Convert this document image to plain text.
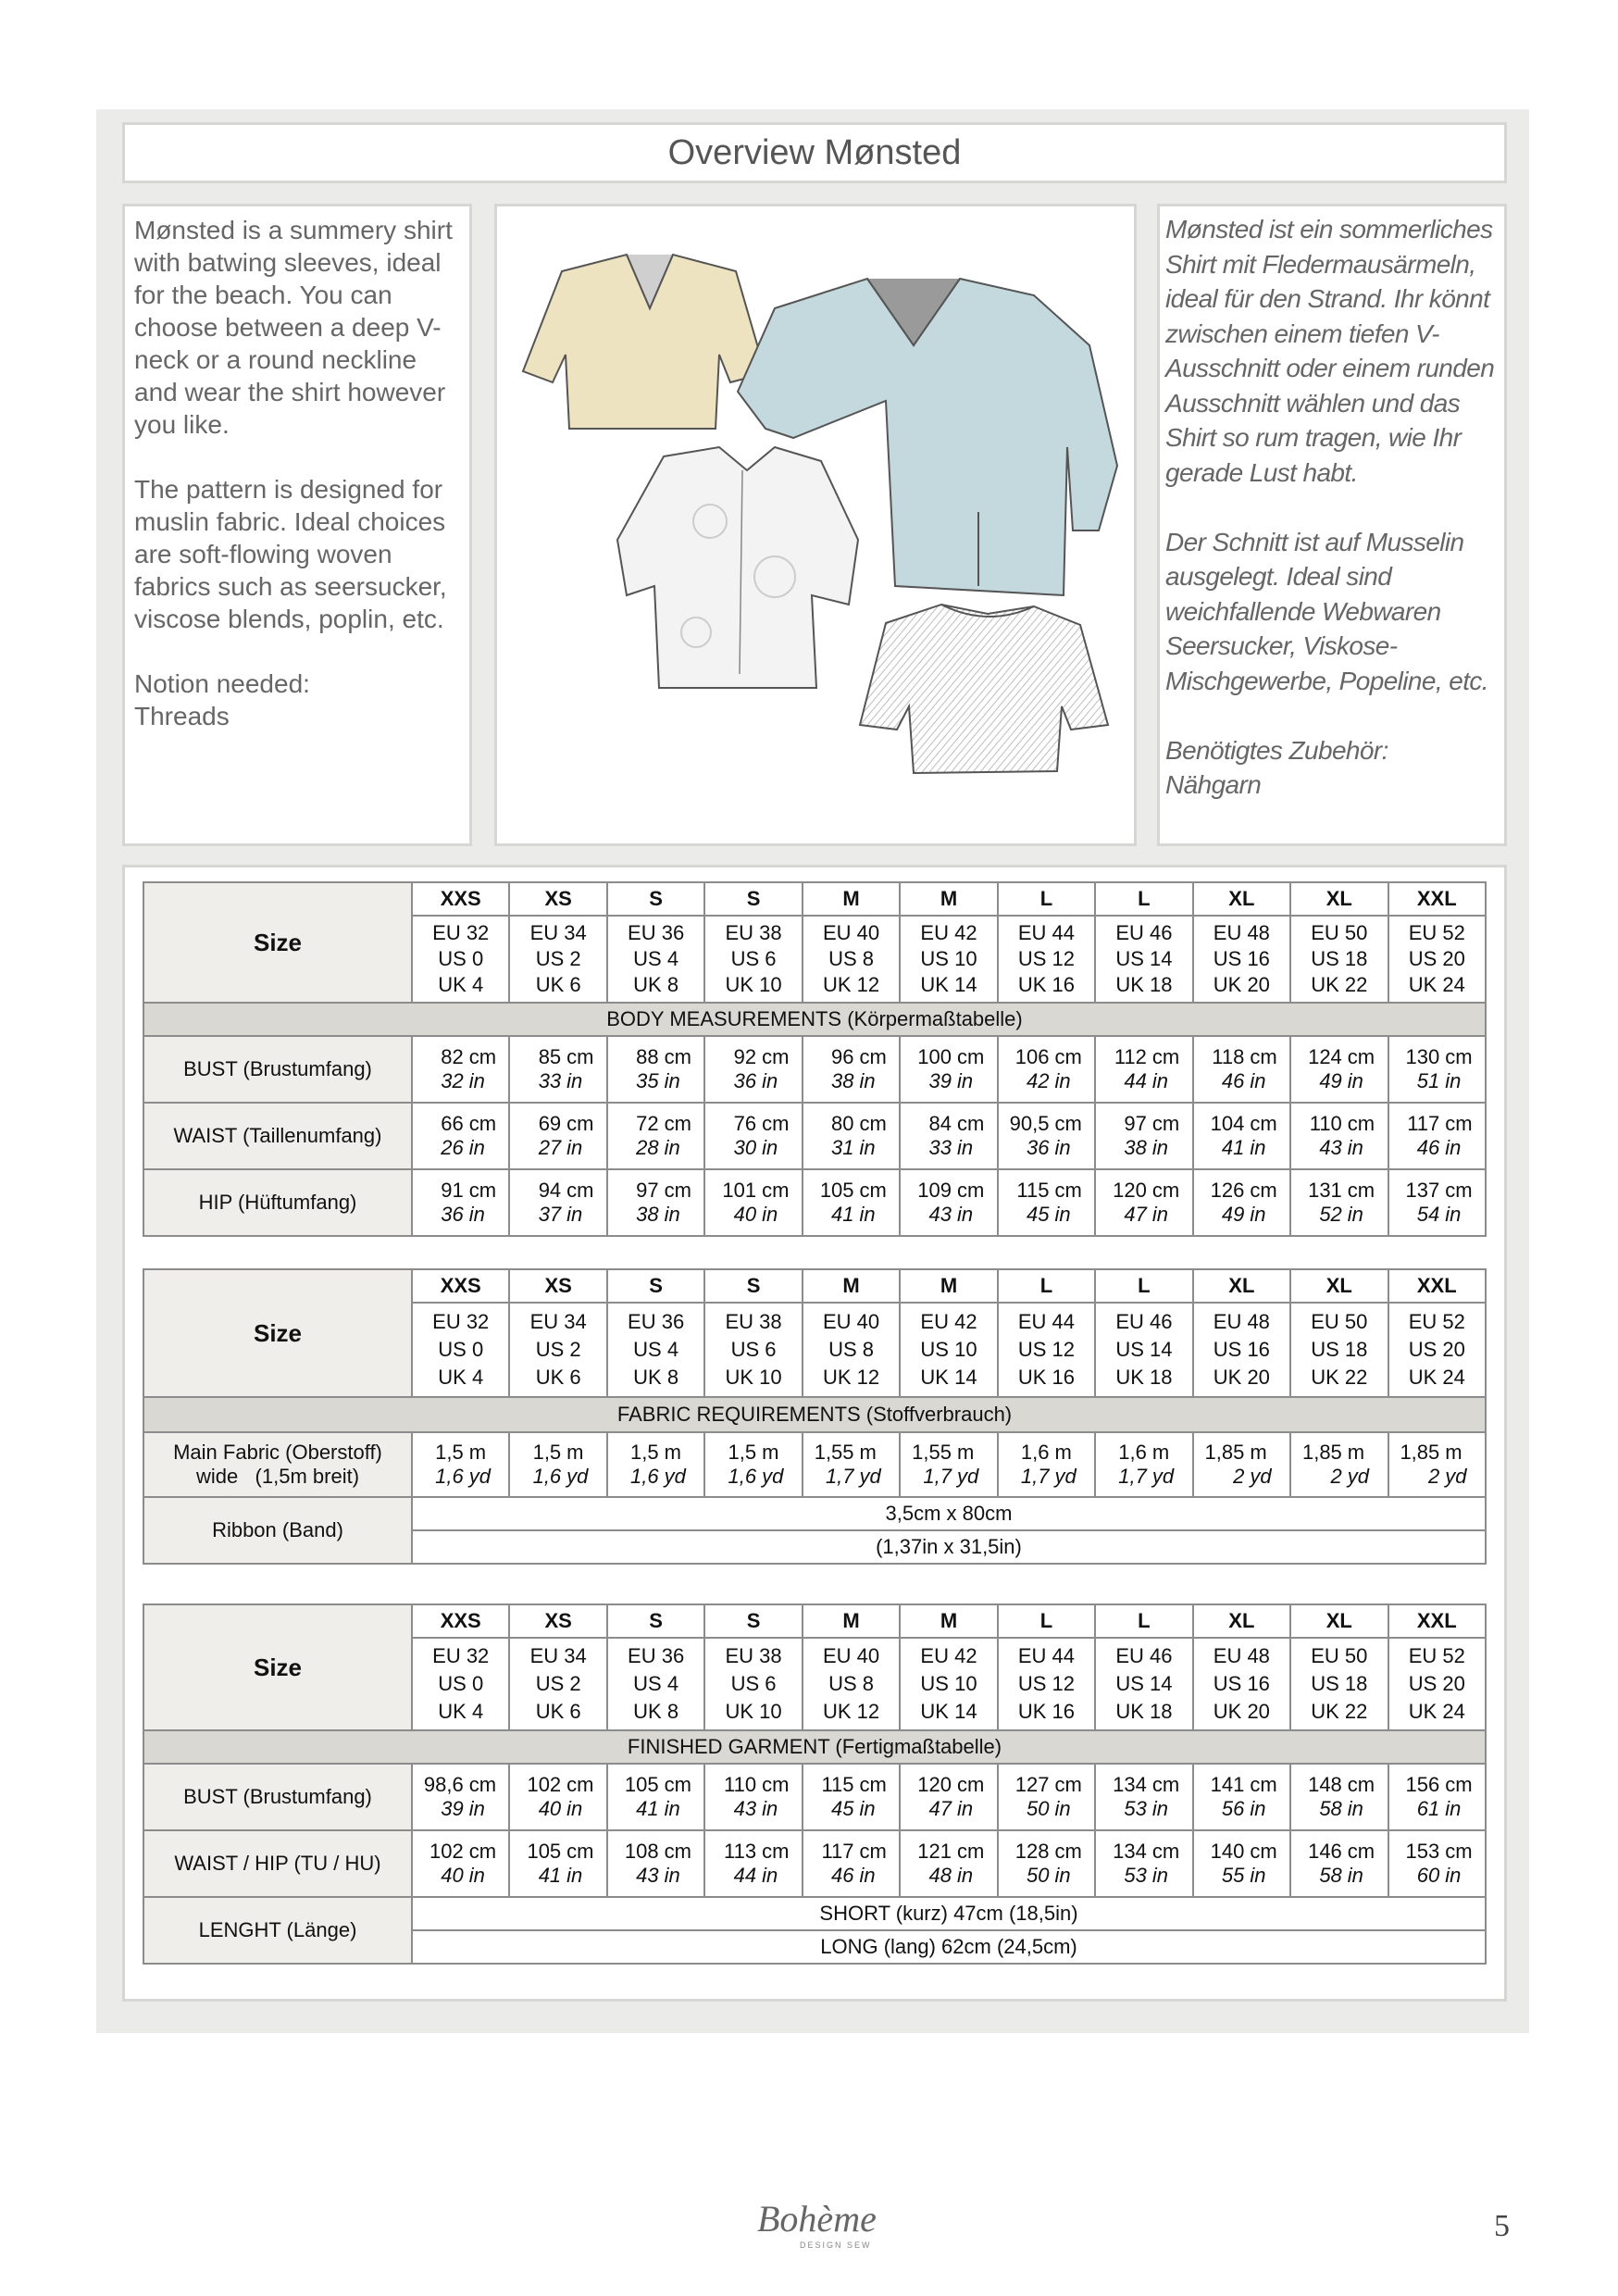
Overview Mønsted
Mønsted is a summery shirt with batwing sleeves, ideal for the beach. You can choose between a deep V-neck or a round neckline and wear the shirt however you like.

The pattern is designed for muslin fabric. Ideal choices are soft-flowing woven fabrics such as seersucker, viscose blends, poplin, etc.

Notion needed:
Threads
Mønsted ist ein sommerliches Shirt mit Fledermausärmeln, ideal für den Strand. Ihr könnt zwischen einem tiefen V-Ausschnitt oder einem runden Ausschnitt wählen und das Shirt so rum tragen, wie Ihr gerade Lust habt.

Der Schnitt ist auf Musselin ausgelegt. Ideal sind weichfallende Webwaren Seersucker, Viskose-Mischgewerbe, Popeline, etc.

Benötigtes Zubehör:
Nähgarn
Size	XXS	XS	S	S	M	M	L	L	XL	XL	XXL

	EU 32
US 0
UK 4	EU 34
US 2
UK 6	EU 36
US 4
UK 8	EU 38
US 6
UK 10	EU 40
US 8
UK 12	EU 42
US 10
UK 14	EU 44
US 12
UK 16	EU 46
US 14
UK 18	EU 48
US 16
UK 20	EU 50
US 18
UK 22	EU 52
US 20
UK 24

BODY MEASUREMENTS (Körpermaßtabelle)											
BUST (Brustumfang)	82 cm
32 in	85 cm
33 in	88 cm
35 in	92 cm
36 in	96 cm
38 in	100 cm
39 in	106 cm
42 in	112 cm
44 in	118 cm
46 in	124 cm
49 in	130 cm
51 in

WAIST (Taillenumfang)	66 cm
26 in	69 cm
27 in	72 cm
28 in	76 cm
30 in	80 cm
31 in	84 cm
33 in	90,5 cm
36 in	97 cm
38 in	104 cm
41 in	110 cm
43 in	117 cm
46 in

HIP (Hüftumfang)	91 cm
36 in	94 cm
37 in	97 cm
38 in	101 cm
40 in	105 cm
41 in	109 cm
43 in	115 cm
45 in	120 cm
47 in	126 cm
49 in	131 cm
52 in	137 cm
54 in
Size	XXS	XS	S	S	M	M	L	L	XL	XL	XXL

	EU 32
US 0
UK 4	EU 34
US 2
UK 6	EU 36
US 4
UK 8	EU 38
US 6
UK 10	EU 40
US 8
UK 12	EU 42
US 10
UK 14	EU 44
US 12
UK 16	EU 46
US 14
UK 18	EU 48
US 16
UK 20	EU 50
US 18
UK 22	EU 52
US 20
UK 24

FABRIC REQUIREMENTS (Stoffverbrauch)											

Main Fabric (Oberstoff)
wide   (1,5m breit)	1,5 m
1,6 yd	1,5 m
1,6 yd	1,5 m
1,6 yd	1,5 m
1,6 yd	1,55 m
1,7 yd	1,55 m
1,7 yd	1,6 m
1,7 yd	1,6 m
1,7 yd	1,85 m
2 yd	1,85 m
2 yd	1,85 m
2 yd

Ribbon (Band)	3,5cm x 80cm										
	(1,37in x 31,5in)										
Size	XXS	XS	S	S	M	M	L	L	XL	XL	XXL

	EU 32
US 0
UK 4	EU 34
US 2
UK 6	EU 36
US 4
UK 8	EU 38
US 6
UK 10	EU 40
US 8
UK 12	EU 42
US 10
UK 14	EU 44
US 12
UK 16	EU 46
US 14
UK 18	EU 48
US 16
UK 20	EU 50
US 18
UK 22	EU 52
US 20
UK 24

FINISHED GARMENT (Fertigmaßtabelle)											
BUST (Brustumfang)	98,6 cm
39 in	102 cm
40 in	105 cm
41 in	110 cm
43 in	115 cm
45 in	120 cm
47 in	127 cm
50 in	134 cm
53 in	141 cm
56 in	148 cm
58 in	156 cm
61 in

WAIST / HIP (TU / HU)	102 cm
40 in	105 cm
41 in	108 cm
43 in	113 cm
44 in	117 cm
46 in	121 cm
48 in	128 cm
50 in	134 cm
53 in	140 cm
55 in	146 cm
58 in	153 cm
60 in

LENGHT (Länge)	SHORT (kurz) 47cm (18,5in)										
	LONG (lang) 62cm (24,5cm)										
Bohème
DESIGN SEW
5
